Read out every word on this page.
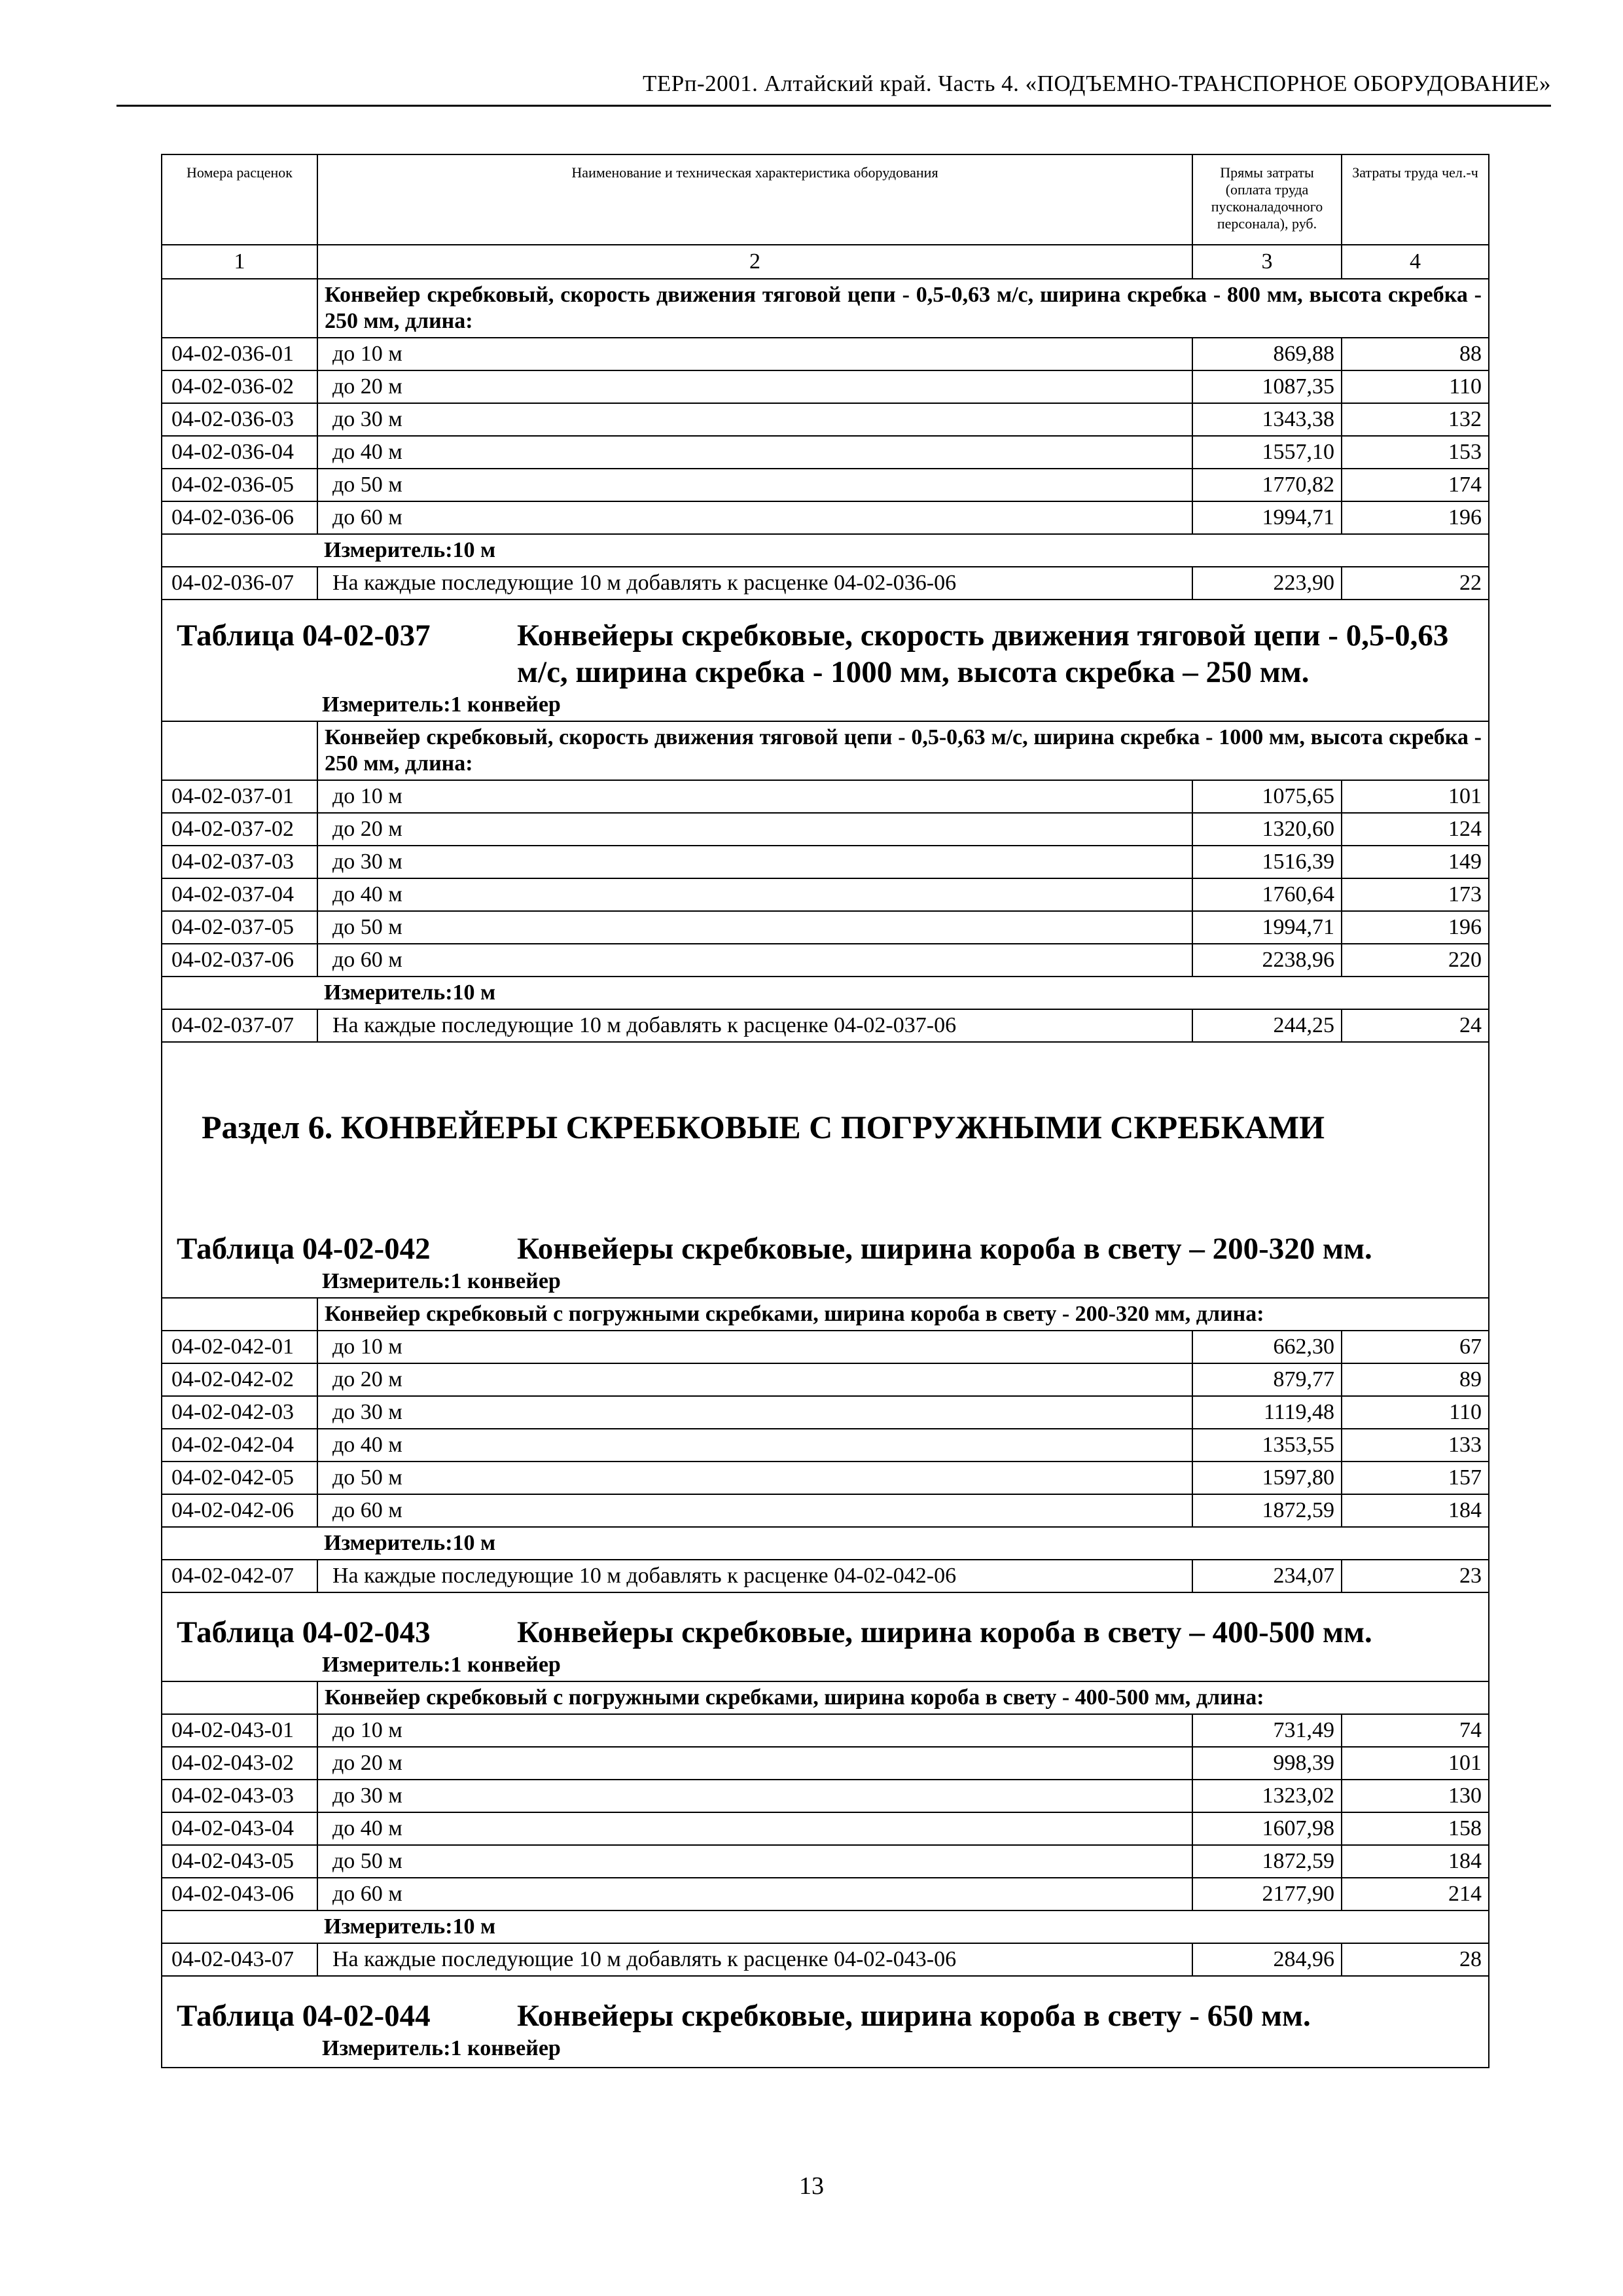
ТЕРп-2001. Алтайский край. Часть 4. «ПОДЪЕМНО-ТРАНСПОРНОЕ ОБОРУДОВАНИЕ»
Номера расценок	Наименование и техническая характеристика оборудования	Прямы затраты (оплата труда пусконаладочного персонала), руб.	Затраты труда чел.-ч
1	2	3	4
	Конвейер скребковый, скорость движения тяговой цепи - 0,5-0,63 м/с, ширина скребка - 800 мм, высота скребка - 250 мм, длина:		
04-02-036-01	до 10 м	869,88	88
04-02-036-02	до 20 м	1087,35	110
04-02-036-03	до 30 м	1343,38	132
04-02-036-04	до 40 м	1557,10	153
04-02-036-05	до 50 м	1770,82	174
04-02-036-06	до 60 м	1994,71	196
	Измеритель:10 м		
04-02-036-07	На каждые последующие 10 м добавлять к расценке 04-02-036-06	223,90	22
Таблица 04-02-037	Конвейеры скребковые, скорость движения тяговой цепи - 0,5-0,63 м/с, ширина скребка - 1000 мм, высота скребка – 250 мм.
Измеритель:1 конвейер
	Конвейер скребковый, скорость движения тяговой цепи - 0,5-0,63 м/с, ширина скребка - 1000 мм, высота скребка - 250 мм, длина:		
04-02-037-01	до 10 м	1075,65	101
04-02-037-02	до 20 м	1320,60	124
04-02-037-03	до 30 м	1516,39	149
04-02-037-04	до 40 м	1760,64	173
04-02-037-05	до 50 м	1994,71	196
04-02-037-06	до 60 м	2238,96	220
	Измеритель:10 м		
04-02-037-07	На каждые последующие 10 м добавлять к расценке 04-02-037-06	244,25	24
Раздел 6. КОНВЕЙЕРЫ СКРЕБКОВЫЕ С ПОГРУЖНЫМИ СКРЕБКАМИ
Таблица 04-02-042	Конвейеры скребковые, ширина короба в свету – 200-320 мм.
Измеритель:1 конвейер
	Конвейер скребковый с погружными скребками, ширина короба в свету - 200-320 мм, длина:		
04-02-042-01	до 10 м	662,30	67
04-02-042-02	до 20 м	879,77	89
04-02-042-03	до 30 м	1119,48	110
04-02-042-04	до 40 м	1353,55	133
04-02-042-05	до 50 м	1597,80	157
04-02-042-06	до 60 м	1872,59	184
	Измеритель:10 м		
04-02-042-07	На каждые последующие 10 м добавлять к расценке 04-02-042-06	234,07	23
Таблица 04-02-043	Конвейеры скребковые, ширина короба в свету – 400-500 мм.
Измеритель:1 конвейер
	Конвейер скребковый с погружными скребками, ширина короба в свету - 400-500 мм, длина:		
04-02-043-01	до 10 м	731,49	74
04-02-043-02	до 20 м	998,39	101
04-02-043-03	до 30 м	1323,02	130
04-02-043-04	до 40 м	1607,98	158
04-02-043-05	до 50 м	1872,59	184
04-02-043-06	до 60 м	2177,90	214
	Измеритель:10 м		
04-02-043-07	На каждые последующие 10 м добавлять к расценке 04-02-043-06	284,96	28
Таблица 04-02-044	Конвейеры скребковые, ширина короба в свету - 650 мм.
Измеритель:1 конвейер
13
